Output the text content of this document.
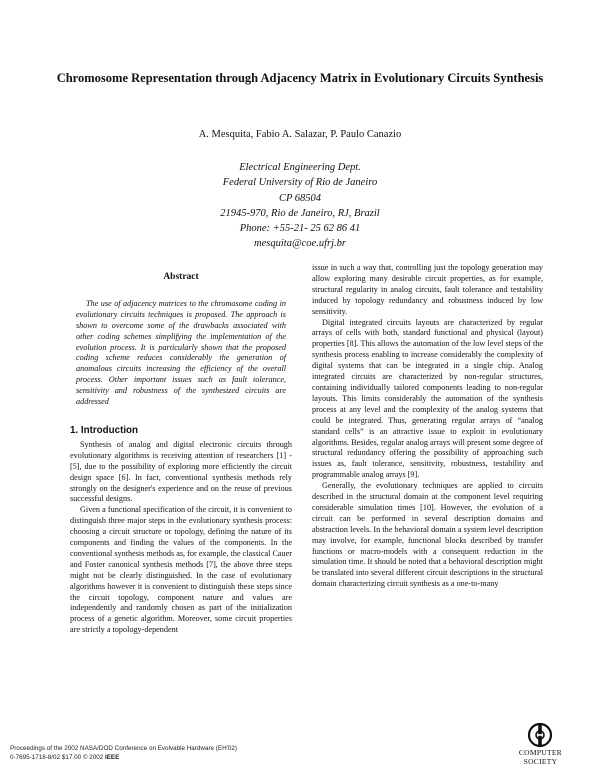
Chromosome Representation through Adjacency Matrix in Evolutionary Circuits Synthesis
A. Mesquita, Fabio A. Salazar, P. Paulo Canazio
Electrical Engineering Dept.
Federal University of Rio de Janeiro
CP 68504
21945-970, Rio de Janeiro, RJ, Brazil
Phone: +55-21- 25 62 86 41
mesquita@coe.ufrj.br
Abstract
The use of adjacency matrices to the chromosome coding in evolutionary circuits techniques is proposed. The approach is shown to overcome some of the drawbacks associated with other coding schemes simplifying the implementation of the evolution process. It is particularly shown that the proposed coding scheme reduces considerably the generation of anomalous circuits increasing the efficiency of the overall process. Other important issues such as fault tolerance, sensitivity and robustness of the synthesized circuits are addressed
1. Introduction

Synthesis of analog and digital electronic circuits through evolutionary algorithms is receiving attention of researchers [1] - [5], due to the possibility of exploring more efficiently the circuit design space [6]. In fact, conventional synthesis methods rely strongly on the designer's experience and on the reuse of previous successful designs.

Given a functional specification of the circuit, it is convenient to distinguish three major steps in the evolutionary synthesis process: choosing a circuit structure or topology, defining the nature of its components and finding the values of the components. In the conventional synthesis methods as, for example, the classical Cauer and Foster canonical synthesis methods [7], the above three steps might not be clearly distinguished. In the case of evolutionary algorithms however it is convenient to distinguish these steps since the circuit topology, component nature and values are independently and randomly chosen as part of the initialization process of a genetic algorithm. Moreover, some circuit properties are strictly a topology-dependent

issue in such a way that, controlling just the topology generation may allow exploring many desirable circuit properties, as for example, structural regularity in analog circuits, fault tolerance and testability induced by topology redundancy and robustness induced by low sensitivity.

Digital integrated circuits layouts are characterized by regular arrays of cells with both, standard functional and physical (layout) properties [8]. This allows the automation of the low level steps of the synthesis process enabling to increase considerably the complexity of digital systems that can be integrated in a single chip. Analog integrated circuits are characterized by non-regular structures, containing individually tailored components leading to non-regular layouts. This limits considerably the automation of the synthesis process at any level and the complexity of the analog systems that could be integrated. Thus, generating regular arrays of “analog standard cells” is an attractive issue to exploit in evolutionary algorithms. Besides, regular analog arrays will present some degree of structural redundancy offering the possibility of approaching such issues as, fault tolerance, sensitivity, robustness, testability and programmable analog arrays [9].

Generally, the evolutionary techniques are applied to circuits described in the structural domain at the component level requiring considerable simulation times [10]. However, the evolution of a circuit can be performed in several description domains and abstraction levels. In the behavioral domain a system level description may involve, for example, functional blocks described by transfer functions or macro-models with a consequent reduction in the simulation time. It should be noted that a behavioral description might be translated into several different circuit descriptions in the structural domain characterizing circuit synthesis as a one-to-many

Proceedings of the 2002 NASA/DOD Conference on Evolvable Hardware (EH'02)
0-7695-1718-8/02 $17.00 © 2002 IEEE
COMPUTER
SOCIETY
